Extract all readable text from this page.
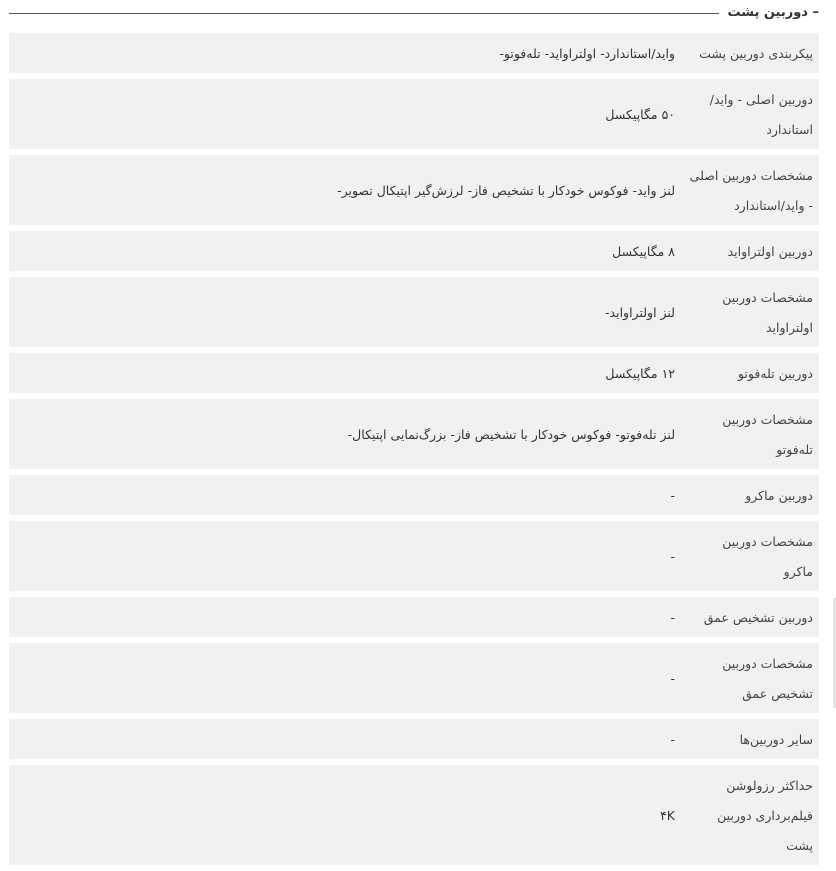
– دوربین پشت
پیکربندی دوربین پشت	واید/استاندارد- اولتراواید- تله‌فوتو-
دوربین اصلی - واید/استاندارد	۵۰ مگاپیکسل
مشخصات دوربین اصلی - واید/استاندارد	لنز واید- فوکوس خودکار با تشخیص فاز- لرزش‌گیر اپتیکال تصویر-
دوربین اولتراواید	۸ مگاپیکسل
مشخصات دوربین اولتراواید	لنز اولتراواید-
دوربین تله‌فوتو	۱۲ مگاپیکسل
مشخصات دوربین تله‌فوتو	لنز تله‌فوتو- فوکوس خودکار با تشخیص فاز- بزرگ‌نمایی اپتیکال-
دوربین ماکرو	-
مشخصات دوربین ماکرو	-
دوربین تشخیص عمق	-
مشخصات دوربین تشخیص عمق	-
سایر دوربین‌ها	-
حداکثر رزولوشن فیلم‌برداری دوربین پشت	۴K
